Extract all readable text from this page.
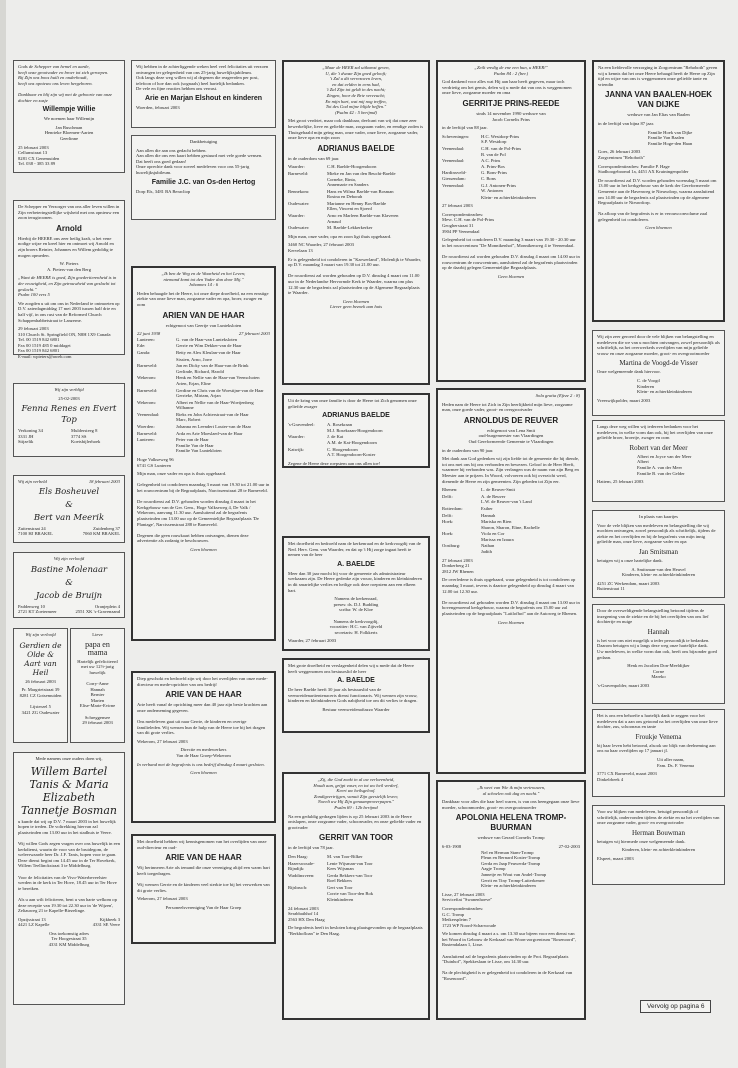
Gods de Schepper van hemel en aarde,
heeft onze grootvader en broer tot zich geroepen.
Bij Zijn ons boos huilt en onderhoudt,
heeft ons opnieuw ons leven hergeboren.

Dankbaar en blij zijn wij met de geboorte van onze dochter en zusje

Willempje Willie

We noemen haar Willemijn

Jan Buschman
Henrieke Bloemen-Aarten
Geerlinne

25 februari 2003
Cellumstraat 13
8281 CX Genemuiden
Tel. 038 - 385 33 89

De Schepper en Verzorger van ons aller leven willen in Zijn verbeteringstellijke wijsheid met ons opnieuw een zoon terugtroonen.

Arnold

Hierbij de HEERE ons zeer heilig kraft, u het vene nodige wijze en kreel hier en ontmoet wij Arnold en zijn broers Reinier, Johannes en Willem gedoldig te mogen opmeden.

W. Pieters
A. Pieters-van den Berg

„Want de HEERE is goed, Zijn goedertierenheid is in der eeuwigheid, en Zijn getrouwheid van geslacht tot geslacht."
Psalm 100 vers 5

We zorgden u uit om ons in Nederland te ontmoeten op D.V. zaterdagmiddag 17 mei 2003 tussen half drie en half vijf, in ons rust van de Reformed Church Schappenhabbetstraat te Lanzerne.

29 februari 2003
310 Church St. Springfield ON, N8H 1X9 Canada
Tel. 00 1519 842 6801
Fax 00 1519 485 0 middaget
Fax 00 1519 842 6801
E-mail: wpieters@aweb.com

Wij zijn verblijd

25-02-2003

Fenna Renes en Evert Top
Verkoning 34
3331 JH
Stijzelik
Muldersteeg 8
3774 SS
Koetsbijlerhoek
Wij zijn verbeld	18 februari 2003
Els Bosheuvel
&
Bert van Meerik
Zuitenstraat 24
7100 HJ BRAKEL
Zuidenberg 37
7060 KM BRAKEL

Wij zijn verloofd

Bastine Molenaar
&
Jacob de Bruijn
Paddenweg 10
2721 KT Zoetermeer
Oranjeplein 4
2551 XK 's-Gravenzand

Wij zijn verloofd

Gerdien de Olde & Aart van Heil

26 februari 2003

Pr. Margrietstraat 39
8281 CZ Gotsemuiden

Lijsterzel 5
3421 ZG Oudewater

Lieve

papa en mama

Hartelijk gefeliciteerd met uw 12½-jarig huwelijk

Corry-Anne
Hannah
Bernier
Marten
Elise-Marie-Evirne

Schreggensee
29 februari 2003

Mede namens onze ouders doen wij,

Willem Bartel Tanis & Maria Elizabeth Tannetje Bosman

u kunde dat wij op D.V. 7 maart 2003 in het huwelijk hopen te treden. De voltrekking hiervan zal plaatsvinden om 13.00 uur in het stadhuis te Veere.

Wij willen Gods zegen vragen over ons huwelijk in een kerkdienst, waarin de voor van de bruidegom, de weleerwaarde heer Dr. J.F. Tanis, hopen voor te gaan.
Deze dienst begint om 14.45 uur in de Ter Hovekerk, Willem Teellinckstraat 3 te Middelburg.

Voor de felicitaties van de Vivo-Waterbeveelster werden in de kerk in Ter Hove, 18.45 uur in Ter Hove te bereiken.

Als u aan wilt feliciteren, bent u van harte welkom op deze receptie van 19.30 tot 22.30 uur in 'de Wijzen', Zeltauweg 21 te Kapelle-Biezelinge.

Opzijsstraat 13
4421 LZ Kapelle
Kijkbeek 3
4331 SE Veere

Ons toekomstig adres
Ter Hoogestraat 35
4331 KM Middelburg

Wij hebben in de achterliggende weken heel veel felicitaties uit verzoen ontvangen ter gelegenheid van ons 25-jarig huwelijksjubileum.
Ook langs deze weg willen wij al degenen die reageerden per post, telefoon of hoe dan ook (sognaals) heel hartelijk bedanken.
De vele en fijne reacties hebben ons verrast.

Arie en Marjan Elshout en kinderen

Woerden, februari 2003

Dankbetuiging

Aan allen die aan ons gedacht hebben.
Aan allen die ons een kaart hebben gestuurd met vele goede wensen.
Dat heeft ons goed gedaan!
Onze oprechte dank voor zoveel medeleven voor ons 55-jarig huwelijksjubileum.

Familie J.C. van Os-den Hertog

Dorp Els, 3481 BA Beracliop

„Ik ben de Weg en de Waarheid en het Leven;
niemand komt tot den Vader dan door Mij."
Johannes 14 : 6

Heden behaagde het de Heere, tot onze diepe droefheid, na een ernstige ziekte van onze lieve man, zorgzame vader en opa, broer, zwager en oom

ARIEN VAN DE HAAR

echtgenoot van Geertje van Lunteksloten

22 juni 1938	27 februari 2003
Lunteren:	G. van de Haar-van Lunteksloten
Ede:	Gerrie en Wim Dekker-van de Haar
Ganda:	Betty en Alex Kleulan-van de Haar
Sissien, Arno, Jorre
Barneveld:	Jan en Dicky van de Haar-van de Brink
Gerlinde, Richard, Harold
Wekerom:	Henk en Nellie van de Haar-van Veenschoten
Arien, Erjan, Eline
Barneveld:	Gerdine en Chris van de Woestijne-van de Haar
Gerrieke, Miriam, Arjan
Wekerom:	Albert en Nellie van de Haar-Woeijenberg
Wilhanne
Veenendaal:	Rieks en John Achterstraat-van de Haar
Marc, Robert
Woerden:	Johanna en Leendert Louter-van de Haar
Barneveld:	Arda en Arie Moeslaed-van de Haar
Lunteren:	Peter van de Haar
Familie Van de Haar
Familie Van Luntekloten

Hoge Valkseweg 96
6741 GS Lunteren

Mijn man, onze vader en opa is thuis opgebaard.

Gelegenheid tot condoleren maandag 3 maart van 19.30 tot 21.00 uur in het rouwcentrum bij de Begraafplaats, Narcissenstraat 28 te Barneveld.

De rouwdienst zal D.V. gehouden worden dinsdag 4 maart in het Kerkgebouw van de Ger. Gem., Hoge Valkseweg 4, De Valk / Wekerom, aanvang 11.30 uur. Aansluitend zal de begrafenis plaatsvinden om 13.00 uur op de Gemeentelijke Begraafplaats 'De Plantage', Narcissenstraat 288 te Barneveld.

Degenen die geen rouwkaart hebben ontvangen, dienen deze advertentie als zodanig te beschouwen.

Geen bloemen

Diep geschokt en bedroefd zijn wij door het overlijden van onze mede-directeur en mede-oprichter van ons bedrijf

ARIE VAN DE HAAR

Arie heeft vanaf de oprichting meer dan 40 jaar zijn beste krachten aan onze onderneming gegeven.

Ons medeleven gaat uit naar Gerrie, de kinderen en overige familieleden. Wij wensen hun de hulp van de Heere toe bij het dragen van dit grote verlies.

Wekerom, 27 februari 2003

Directie en medewerkers
Van de Haar Groep-Wekerom

In verband met de begrafenis is ons bedrijf dinsdag 4 maart gesloten.

Geen bloemen

Met droefheid hebben wij kennisgenomen van het overlijden van onze oud-directeur en oud-

ARIE VAN DE HAAR

Wij herinneren Arie als iemand die onze vereniging altijd een warm hart heeft toegedragen.

Wij wensen Gerrie en de kinderen veel sterkte toe bij het verwerken van dit grote verlies.

Wekerom, 27 februari 2003

Personeelsvereniging Van de Haar Groep

„Maar de HEER zal uitkomst geven,
U, die 't dwaze Zijn goed gelooft;
't Zal u dit verrezoeen leven,
en dat eelden in eens had,
't Zal Zijn tot geldt in des nacht;
Zingen, hoor de Brie vereeucht;
En mijn hart, wat mij nog treffen,
Tot des God mijne blijde heffen."
(Psalm 42 : 5 berijmd)

Met groot verdriet, maar ook dankbaar, deelcant van wij dat onze zeer bewerkelijke, lieve en geliefde man, zorgzaam vader, en eendige zoden is Thuisgehaald mijn geïng man, onze vader, onze lieve, zorgzame vader, onze lieve opa en mijn zoon

ADRIANUS BAELDE

in de ouderdom van 69 jaar.

Waarder:	C.H. Baelde-Hoogendoorn
Barneveld:	Mieke en Jan van den Beucht-Baelde
Corneke, Rinta,
Annemarie en Sanders
Bennekom:	Hans en Wilma Baelde-van Bosman
Rosina en Deborah
Oudewater:	Marianne en Henny Bos-Baelde
Ellen, Vincent en Sjoerd
Waarder:	Arno en Marleen Baelde-van Klaveren
Arnaud
Oudewater:	M. Baelde-Lekkerkerker

Mijn man, onze vader, opa en zoon ligt thuis opgebaard.

3460 NC Waarder, 27 februari 2003
Kervelaan 13

Er is gelegenheid tot condoleren in "Karwerland", Molenlijk te Waarder, op D.V. maandag 3 maart van 19.30 tot 21.00 uur.

De rouwdienst zal worden gehouden op D.V. dinsdag 4 maart om 11.00 uur in de Nederlandse Hervormde Kerk te Waarder, waarna om plus 12.30 uur de begrafenis zal plaatsvinden op de Algemene Begraafplaats te Waarder.

Geen bloemen
Liever geen bezoek aan huis

Uit de kring van onze familie is door de Heere tot Zich genomen onze geliefde zwager

ADRIANUS BAELDE
's-Gravendeel:	A. Rosekraan
M.J. Rosekraan-Hoogendoorn
Waarder:	J. de Kat
A.M. de Kat-Hoogendoorn
Katwijk:	C. Hoogendoorn
A.T. Hoogendoorn-Koster

Zegene de Heere deze roepstem aan ons allen toe!

Met droefheid en bedroefd nam de kerkenraad en de kerkvoogdij van de Ned. Herv. Gem. van Waarder, en dat op 't Hij zorge ingaat heeft te nemen van de heer

A. BAELDE

Meer dan 30 jaar mocht hij voor de gemeente als administrateur werkzaam zijn. De Heere gedenke zijn vrouw, kinderen en kleinkinderen in dit smartelijke verlies en heilige ook deze roepstem aan een elkeen hart.

Namens de kerkenraad,
preses: ds. D.J. Budding
scriba: W. de Kloe

Namens de kerkvoogdij,
voorzitter: H.C. van Zijtveld
secretaris: H. Folkkerts

Waarder, 27 februari 2003

Met grote droefheid en verslagenheid delen wij u mede dat de Heere heeft weggenomen ons bestuurslid de heer

A. BAELDE

De heer Baelde heeft 30 jaar als bestuurslid van de veenweidenartientenacerts dienst functionaris. Wij wensen zijn vrouw, kinderen en kleinkinderen Gods nabijheid toe om dit verlies te dragen.

Bestuur veenweidenaftazzo Waarder

„Zij, die God zoekt in al uw verlorenheid,
Houdt aan, grijpt vaser, en tot uw heil verderf,
Keert uw heilsgeloof.
Zondigvertrijgen, vanuit Zijn geestelijk leven;
Noeelt uw Hij Zijn genaamproverpapen."
Psalm 69 : 12b berijmd

Na een geduldig gedragen lijden is op 25 februari 2003 in de Heere ontslapen, onze zorgzame vader, schoonvader, en onze geliefde vader en grootvader

GERRIT VAN TOOR

in de leeftijd van 78 jaar.

Den Haag:	M. van Toor-Bilker
Hazerswoude-Rijndijk:
Lenie Wijsman-van Toor
Kees Wijsman
Waddinxveen:	Gerda Bekkers-van Toor
Roel Bekkers
Rijsbruch:	Gert van Toor
Corrie van Toor-den Bok
Kleinkinderen

24 februari 2003
Serabbathhof 14
2563 HX Den Haag

De begrafenis heeft in besloten kring plaatsgevonden op de begraafplaats "Berkhofloan" te Den Haag.

„Zeilt vredig de ene een hun, u HEER!"
Psalm 84 : 2 (ber.)

God dankend voor alles wat Hij aan haar heeft gegeven, maar toch verdrietig om het gemis, delen wij u mede dat van ons is weggenomen onze lieve, zorgzame moeder en oma

GERRITJE PRINS-REEDE

sinds 14 november 1990 weduwe van
Jacob Cornelis Prins

in de leeftijd van 88 jaar.

Scheveningen:	H.C. Westdorp-Prins
S.P. Westdorp
Veenendaal:	C.H. van de Pol-Prins
B. van de Pol
Veenendaal:	A.C. Prins
A. Prins-Bos
Hardinxveld-Giessendam:
G. Bons-Prins
C. Bons
Veenendaal:	G.J. Antonen-Prins
W. Antonen
Klein- en achterkleinkinderen

27 februari 2003

Correspondentieadres:
Mevr. C.H. van de Pol-Prins
Geogherstraat 31
3904 PP Veenendaal

Gelegenheid tot condoleren D.V. maandag 3 maart van 19.30 - 20.30 uur in het rouwcentrum "De Monnikenhof", Monnikenweg 4 te Veenendaal.

De rouwdienst zal worden gehouden D.V. dinsdag 4 maart om 14.00 uur in rouwcentrum de rouwcentrum, aansluitend zal de begrafenis plaatsvinden op de daarbij gelegen Gemeentelijke Begraafplaats.

Geen bloemen

Sola gratia (Efeze 2 : 8)

Heden nam de Heere tot Zich in Zijn heerlijkheid mijn lieve, zorgzame man, onze goede vader, groot- en overgrootvader

ARNOLDUS DE REUVER

echtgenoot van Lena Smit
oud-burgemeester van Vlaardingen
Oud Gereformeerde Gemeente te Vlaardingen

in de ouderdom van 90 jaar.

Met dank aan God gedenken wij zijn liefde tot de gemeente die hij diende, tot ons met ons bij ons verbonden en bewezen. Geloof in de Heer Heeft, waarmee hij verbonden was. Zijn verlangen was de naam van zijn Berg en Meester aan te prijzen. In Woord, volvoeren ook bij overzicht werd, dienende de Heere en zijn gemeenten. Zijn gebeden tot Zijn eer.

Rhenen:	L. de Reuver-Smit
Delft:	A. de Reuver
L.W. de Reuver-van 't Land
Rotterdam:	Esther
Delft:	Hannah
Hoek:	Mariska en Rien
Sharon, Sharon, Eline, Rachelle
Hoek:	Viola en Cor
Marissa en Izaura
Oostburg:	Nathan
Jadith

27 februari 2003
Donkerberg 21
2812 JW Rhenen

De overledene is thuis opgebaard, waar gelegenheid is tot condoleren op maandag 3 maart, tevens is daartoe gelegenheid op dinsdag 4 maart van 12.00 tot 12.30 uur.

De rouwdienst zal gehouden worden D.V. dinsdag 4 maart om 13.00 uur in bovengenoemd kerkgebouw, waarna de begrafenis om 15.00 uur zal plaatsvinden op de begraafplaats "Laitlofhof" aan de Autoweg te Rhenen.

Geen bloemen

„Ik weet van Wie ik mijn vertrouwen,
al schoelen ook dag en nacht."

Dankbaar voor alles die haar heel waren, is van ons heengegaan onze lieve moeder, schoonmoeder, groot- en overgrootmoeder

APOLONIA HELENA TROMP-BUURMAN

weduwe van Gerard Cornelis Tromp

6-03-1908	27-02-2003
Nel en Herman Stam-Tromp
Pleun en Bernard Koster-Tromp
Gerda en Jaap Feuwerda-Tromp
Aagje Tromp
Jannetje en Wout van Andel-Tromp
Gerrit en Tiny Tromp-Luiterkenrer
Klein- en achterkleinkinderen

Lisse, 27 februari 2003
Servicefiat "Swanenhoeve"

Correspondentieadres:
G.C. Tromp
Meikerspleim 7
1723 WP Noord-Scharwoude

We komen dinsdag 4 maart a.s. om 13.30 uur bijeen voor een dienst van het Woord in Gebouw de Kerkzaal van Woon-zorgcentrum "Rosenoord", Rustendalaan 1, Lisse.

Aansluitend zal de begrafenis plaatsvinden op de Prot. Begraafplaats "Duinhof", Spekkeslaan te Lisse, om 14.30 uur.

Na de plechtigheid is er gelegenheid tot condoleren in de Kerkzaal van "Rosenoord".

Na een liefdevolle verzorging in Zorgcentrum "Rehoboth" geven wij u kennis dat het onze Heere behaagd heeft de Heere op Zijn tijd en wijze van ons is weggenomen onze geliefde tante en vriendin

JANNA VAN BAALEN-HOEK VAN DIJKE

weduwe van Jan Elias van Baalen

in de leeftijd van bijna 87 jaar.

Familie Hoek van Dijke
Familie Van Baalen
Familie Hoge-den Haan

Goes, 26 februari 2003
Zorgcentrum "Rehoboth"

Correspondentieadres: Familie P. Hage
Stadhoogeboomd 1a, 4451 AX Kruiningenpolder

De rouwdienst zal D.V. worden gehouden woensdag 5 maart om 13.00 uur in het kerkgebouw van de kerk der Gereformeerde Gemeente aan de Havenweg te Nieuwdorp, waarna aansluitend om 14.00 uur de begrafenis zal plaatsvinden op de algemene Begraafplaats te Nieuwdorp.

Na afloop van de begrafenis is er in verouwconvolume zaal gelegenheid tot condoleren.

Geen bloemen

Wij zijn zeer geroerd door de vele blijken van belangstelling en medeleven die we van u mochten ontvangen, zowel persoonlijk als schriftelijk, na het overwerkeds overlijden van mijn geliefde vrouw en onze zorgzame moeder, groot- en overgrootmoeder

Martina de Voogd-de Visser

Onze welgemeende dank hiervoor.

C. de Voogd
Kinderen
Klein- en achterkleinkinderen

Vreeswijkpolder, maart 2003

Langs deze weg willen wij iedereen bedanken voor het medeleven, in welke vorm dan ook, bij het overlijden van onze geliefde broer, broertje, zwager en oom

Robert van der Meer

Albert en Joyce van der Meer
Albert
Familie A. van der Meer
Familie B. van der Gelder

Hattem, 25 februari 2003

In plaats van kaartjes

Voor de vele blijken van medeleven en belangstelling die wij mochten ontvangen, zowel persoonlijk als schriftelijk, tijdens de ziekte en het overlijden en bij de begrafenis van mijn innig geliefde man, onze lieve, zorgzame vader en opa

Jan Smitsman

betuigen wij u onze hartelijke dank.

A. Smitsman-van den Heuvel
Kinderen, klein- en achterkleinkinderen

4251 ZC Werkendam, maart 2003
Buitenstraat 11

Door de overweldigende belangstelling betoond tijdens de inzegening van de ziekte en de bij het overlijden van ons lief dochtertje en nuige

Hannah

is het voor ons niet mogelijk u ieder persoonlijk te bedanken. Daarom betuigen wij u langs deze weg onze hartelijke dank.
Uw medeleven, in welke vorm dan ook, heeft ons bijzonder goed gedaan.

Henk en Jacolien Don-Meeldijker
Corne
Mareko

's-Gravenpolder, maart 2003

Het is ons een behoefte u hartelijk dank te zeggen voor het medeleven dat u aan ons getoond na het overlijden van onze lieve dochter, zus, schoonzus en tante

Froukje Venema

bij haar leven hebt betoond, alsook uw blijk van deelneming aan ons na haar overlijden op 17 januari jl.

Uit aller naam,
Fam. Ds. F. Venema

3771 CX Barneveld, maart 2003
Dinkelrbeek 4

Voor uw blijken van medeleven, betuigd persoonlijk of schriftelijk, ondervonden tijdens de ziekte en na het overlijden van onze zorgzame vader, groot- en overgrootvader

Herman Bouwman

betuigen wij hiermede onze welgemeende dank.

Kinderen, klein- en achterkleinkinderen

Elspeet, maart 2003

Vervolg op pagina 6
